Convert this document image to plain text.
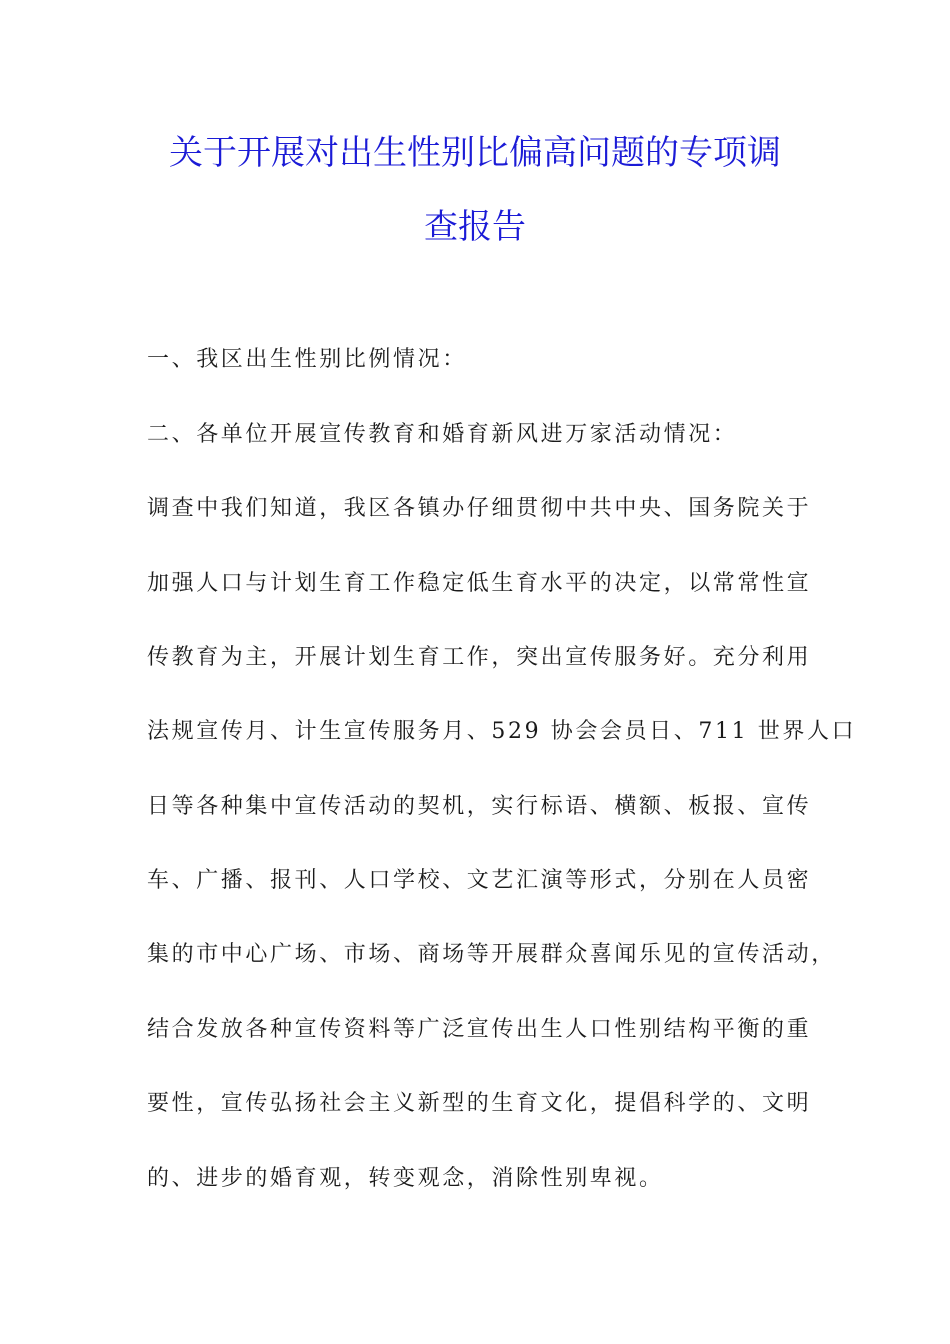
关于开展对出生性别比偏高问题的专项调
查报告
一、我区出生性别比例情况：
二、各单位开展宣传教育和婚育新风进万家活动情况：
调查中我们知道，我区各镇办仔细贯彻中共中央、国务院关于
加强人口与计划生育工作稳定低生育水平的决定，以常常性宣
传教育为主，开展计划生育工作，突出宣传服务好。充分利用
法规宣传月、计生宣传服务月、529 协会会员日、711 世界人口
日等各种集中宣传活动的契机，实行标语、横额、板报、宣传
车、广播、报刊、人口学校、文艺汇演等形式，分别在人员密
集的市中心广场、市场、商场等开展群众喜闻乐见的宣传活动，
结合发放各种宣传资料等广泛宣传出生人口性别结构平衡的重
要性，宣传弘扬社会主义新型的生育文化，提倡科学的、文明
的、进步的婚育观，转变观念，消除性别卑视。
